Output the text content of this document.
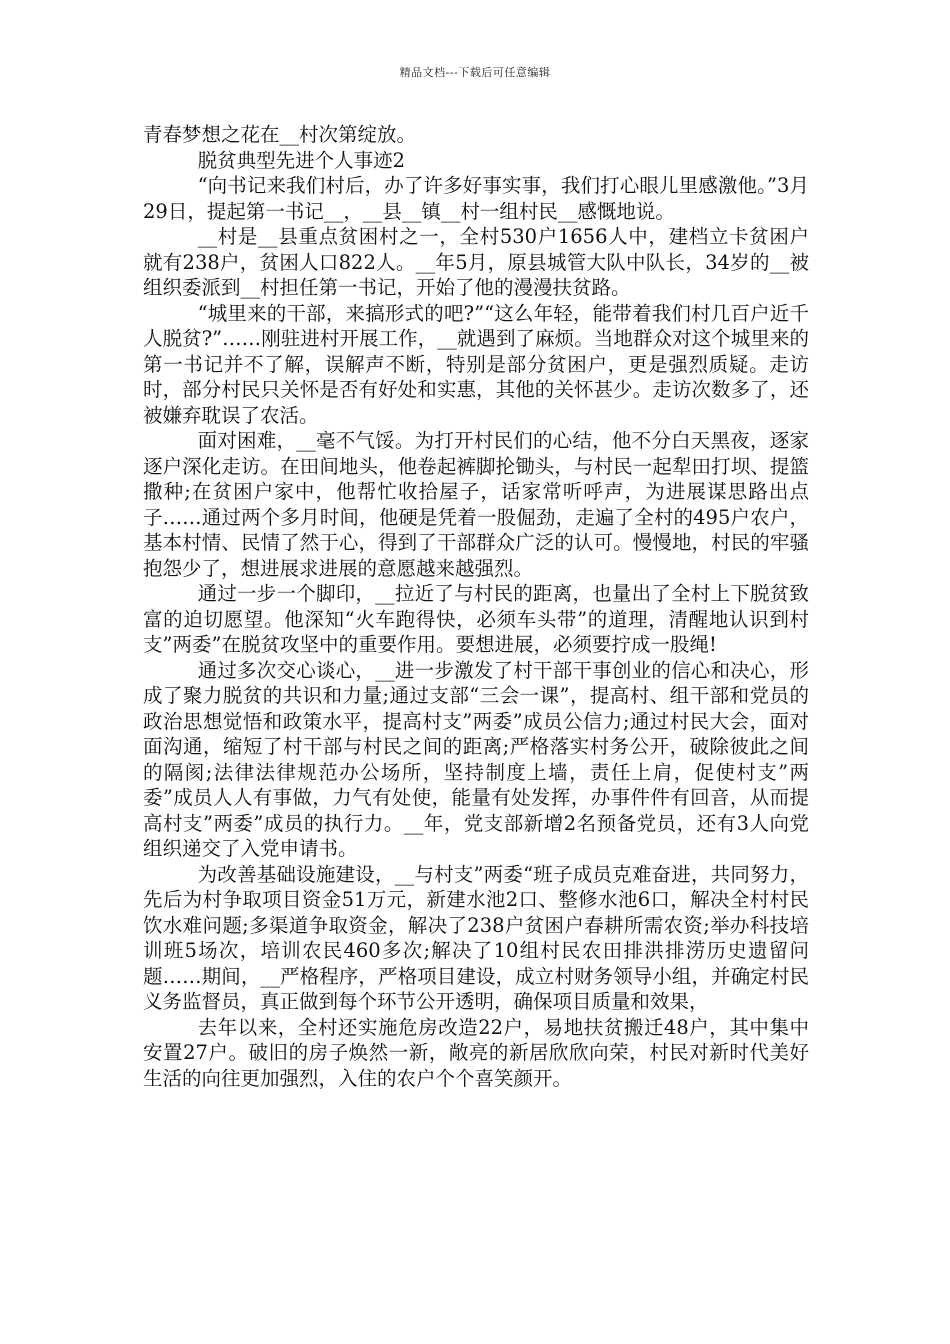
精品文档---下载后可任意编辑

青春梦想之花在__村次第绽放。

脱贫典型先进个人事迹2

“向书记来我们村后，办了许多好事实事，我们打心眼儿里感激他。”3月29日，提起第一书记__，__县__镇__村一组村民__感慨地说。

__村是__县重点贫困村之一，全村530户1656人中，建档立卡贫困户就有238户，贫困人口822人。__年5月，原县城管大队中队长，34岁的__被组织委派到__村担任第一书记，开始了他的漫漫扶贫路。

“城里来的干部，来搞形式的吧?”“这么年轻，能带着我们村几百户近千人脱贫?”……刚驻进村开展工作，__就遇到了麻烦。当地群众对这个城里来的第一书记并不了解，误解声不断，特别是部分贫困户，更是强烈质疑。走访时，部分村民只关怀是否有好处和实惠，其他的关怀甚少。走访次数多了，还被嫌弃耽误了农活。

面对困难，__毫不气馁。为打开村民们的心结，他不分白天黑夜，逐家逐户深化走访。在田间地头，他卷起裤脚抡锄头，与村民一起犁田打坝、提篮撒种;在贫困户家中，他帮忙收拾屋子，话家常听呼声，为进展谋思路出点子……通过两个多月时间，他硬是凭着一股倔劲，走遍了全村的495户农户，基本村情、民情了然于心，得到了干部群众广泛的认可。慢慢地，村民的牢骚抱怨少了，想进展求进展的意愿越来越强烈。

通过一步一个脚印，__拉近了与村民的距离，也量出了全村上下脱贫致富的迫切愿望。他深知“火车跑得快，必须车头带”的道理，清醒地认识到村支”两委”在脱贫攻坚中的重要作用。要想进展，必须要拧成一股绳!

通过多次交心谈心，__进一步激发了村干部干事创业的信心和决心，形成了聚力脱贫的共识和力量;通过支部“三会一课”，提高村、组干部和党员的政治思想觉悟和政策水平，提高村支”两委”成员公信力;通过村民大会，面对面沟通，缩短了村干部与村民之间的距离;严格落实村务公开，破除彼此之间的隔阂;法律法律规范办公场所，坚持制度上墙，责任上肩，促使村支”两委”成员人人有事做，力气有处使，能量有处发挥，办事件件有回音，从而提高村支”两委”成员的执行力。__年，党支部新增2名预备党员，还有3人向党组织递交了入党申请书。

为改善基础设施建设，__与村支”两委“班子成员克难奋进，共同努力，先后为村争取项目资金51万元，新建水池2口、整修水池6口，解决全村村民饮水难问题;多渠道争取资金，解决了238户贫困户春耕所需农资;举办科技培训班5场次，培训农民460多次;解决了10组村民农田排洪排涝历史遗留问题……期间，__严格程序，严格项目建设，成立村财务领导小组，并确定村民义务监督员，真正做到每个环节公开透明，确保项目质量和效果，

去年以来，全村还实施危房改造22户，易地扶贫搬迁48户，其中集中安置27户。破旧的房子焕然一新，敞亮的新居欣欣向荣，村民对新时代美好生活的向往更加强烈，入住的农户个个喜笑颜开。
